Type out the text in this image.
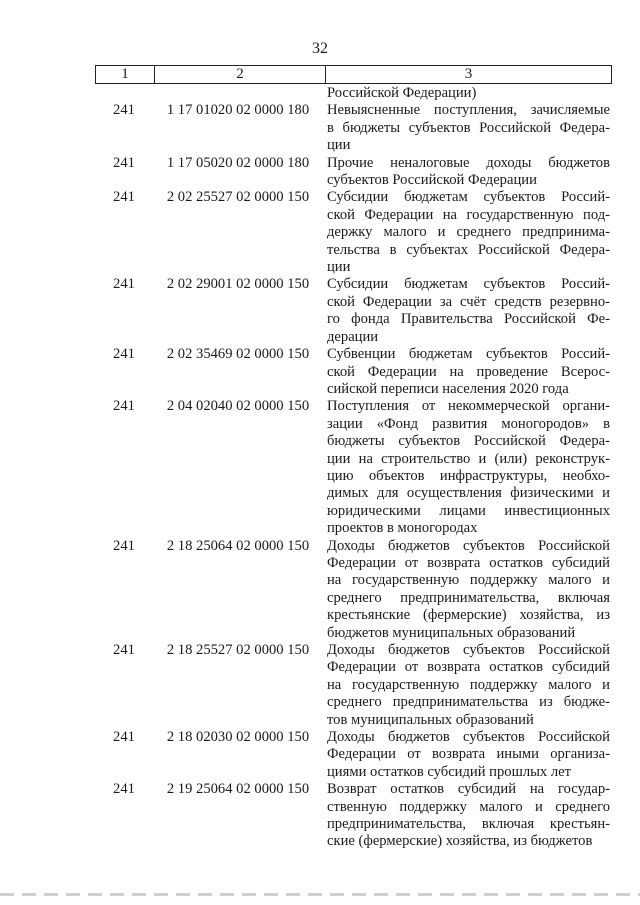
32
1	2	3
Российской Федерации)
241	1 17 01020 02 0000 180	Невыясненные поступления, зачисляемые
в бюджеты субъектов Российской Федера-
ции
241	1 17 05020 02 0000 180	Прочие неналоговые доходы бюджетов
субъектов Российской Федерации
241	2 02 25527 02 0000 150	Субсидии бюджетам субъектов Россий-
ской Федерации на государственную под-
держку малого и среднего предпринима-
тельства в субъектах Российской Федера-
ции
241	2 02 29001 02 0000 150	Субсидии бюджетам субъектов Россий-
ской Федерации за счёт средств резервно-
го фонда Правительства Российской Фе-
дерации
241	2 02 35469 02 0000 150	Субвенции бюджетам субъектов Россий-
ской Федерации на проведение Всерос-
сийской переписи населения 2020 года
241	2 04 02040 02 0000 150	Поступления от некоммерческой органи-
зации «Фонд развития моногородов» в
бюджеты субъектов Российской Федера-
ции на строительство и (или) реконструк-
цию объектов инфраструктуры, необхо-
димых для осуществления физическими и
юридическими лицами инвестиционных
проектов в моногородах
241	2 18 25064 02 0000 150	Доходы бюджетов субъектов Российской
Федерации от возврата остатков субсидий
на государственную поддержку малого и
среднего предпринимательства, включая
крестьянские (фермерские) хозяйства, из
бюджетов муниципальных образований
241	2 18 25527 02 0000 150	Доходы бюджетов субъектов Российской
Федерации от возврата остатков субсидий
на государственную поддержку малого и
среднего предпринимательства из бюдже-
тов муниципальных образований
241	2 18 02030 02 0000 150	Доходы бюджетов субъектов Российской
Федерации от возврата иными организа-
циями остатков субсидий прошлых лет
241	2 19 25064 02 0000 150	Возврат остатков субсидий на государ-
ственную поддержку малого и среднего
предпринимательства, включая крестьян-
ские (фермерские) хозяйства, из бюджетов
